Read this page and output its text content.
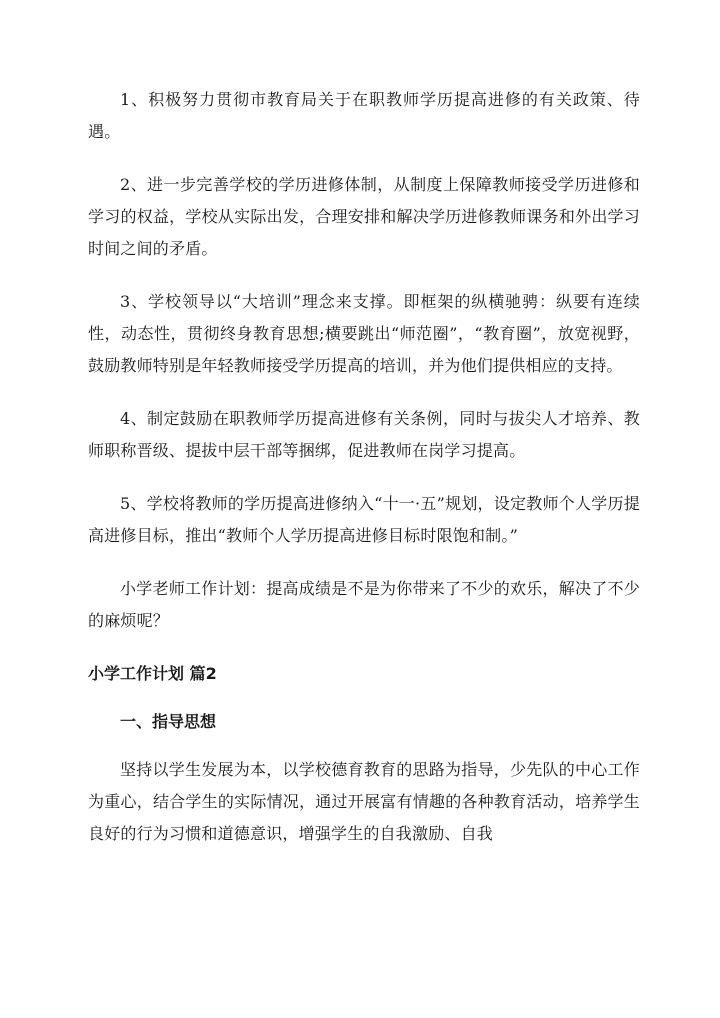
1、积极努力贯彻市教育局关于在职教师学历提高进修的有关政策、待遇。

2、进一步完善学校的学历进修体制，从制度上保障教师接受学历进修和学习的权益，学校从实际出发，合理安排和解决学历进修教师课务和外出学习时间之间的矛盾。

3、学校领导以“大培训”理念来支撑。即框架的纵横驰骋：纵要有连续性，动态性，贯彻终身教育思想;横要跳出“师范圈”，“教育圈”，放宽视野，鼓励教师特别是年轻教师接受学历提高的培训，并为他们提供相应的支持。

4、制定鼓励在职教师学历提高进修有关条例，同时与拔尖人才培养、教师职称晋级、提拔中层干部等捆绑，促进教师在岗学习提高。

5、学校将教师的学历提高进修纳入“十一·五”规划，设定教师个人学历提高进修目标，推出“教师个人学历提高进修目标时限饱和制。”

小学老师工作计划：提高成绩是不是为你带来了不少的欢乐，解决了不少的麻烦呢？

小学工作计划 篇2
一、指导思想

坚持以学生发展为本，以学校德育教育的思路为指导，少先队的中心工作为重心，结合学生的实际情况，通过开展富有情趣的各种教育活动，培养学生良好的行为习惯和道德意识，增强学生的自我激励、自我
